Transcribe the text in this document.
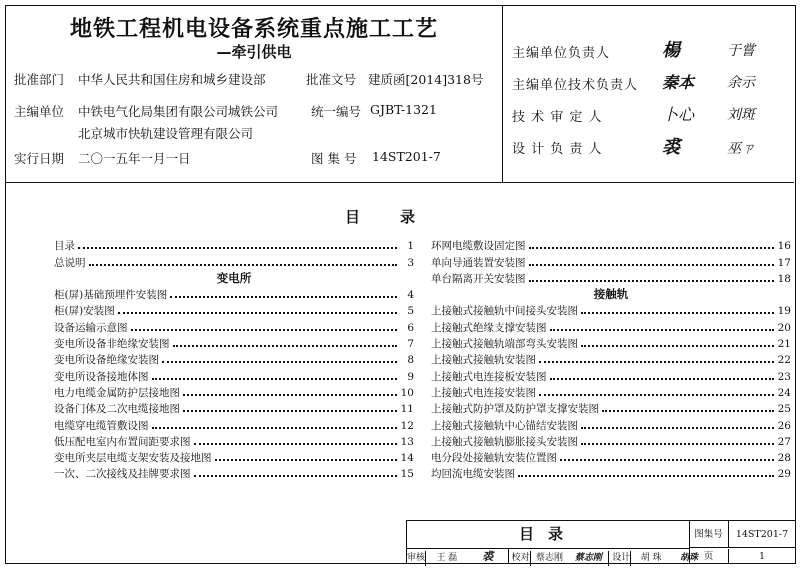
地铁工程机电设备系统重点施工工艺
—牵引供电
批准部门 中华人民共和国住房和城乡建设部	批准文号 建质函[2014]318号
主编单位 中铁电气化局集团有限公司城铁公司
北京城市快轨建设管理有限公司
统一编号 GJBT-1321
实行日期 二〇一五年一月一日	图 集 号 14ST201-7
主编单位负责人	楊	于嘗
主编单位技术负责人 秦本 余示
技 术 审 定 人	卜心 刘斑
设 计 负 责 人	裘	巫ㄗ
目录
目录	1
总说明	3
变电所
柜(屏)基础预埋件安装图	4
柜(屏)安装图	5
设备运输示意图	6
变电所设备非绝缘安装图	7
变电所设备绝缘安装图	8
变电所设备接地体图	9
电力电缆金属防护层接地图	10
设备门体及二次电缆接地图	11
电缆穿电缆管敷设图	12
低压配电室内布置间距要求图	13
变电所夹层电缆支架安装及接地图	14
一次、二次接线及挂牌要求图	15
环网电缆敷设固定图	16
单向导通装置安装图	17
单台隔离开关安装图	18
接触轨
上接触式接触轨中间接头安装图	19
上接触式绝缘支撑安装图	20
上接触式接触轨端部弯头安装图	21
上接触式接触轨安装图	22
上接触式电连接板安装图	23
上接触式电连接安装图	24
上接触式防护罩及防护罩支撑安装图	25
上接触式接触轨中心锚结安装图	26
上接触式接触轨膨胀接头安装图	27
电分段处接触轨安装位置图	28
均回流电缆安装图	29
目录	图集号	14ST201-7
页	1
审核 王 磊 裘 校对 蔡志刚 蔡志刚 设计 胡 珠 胡珠
